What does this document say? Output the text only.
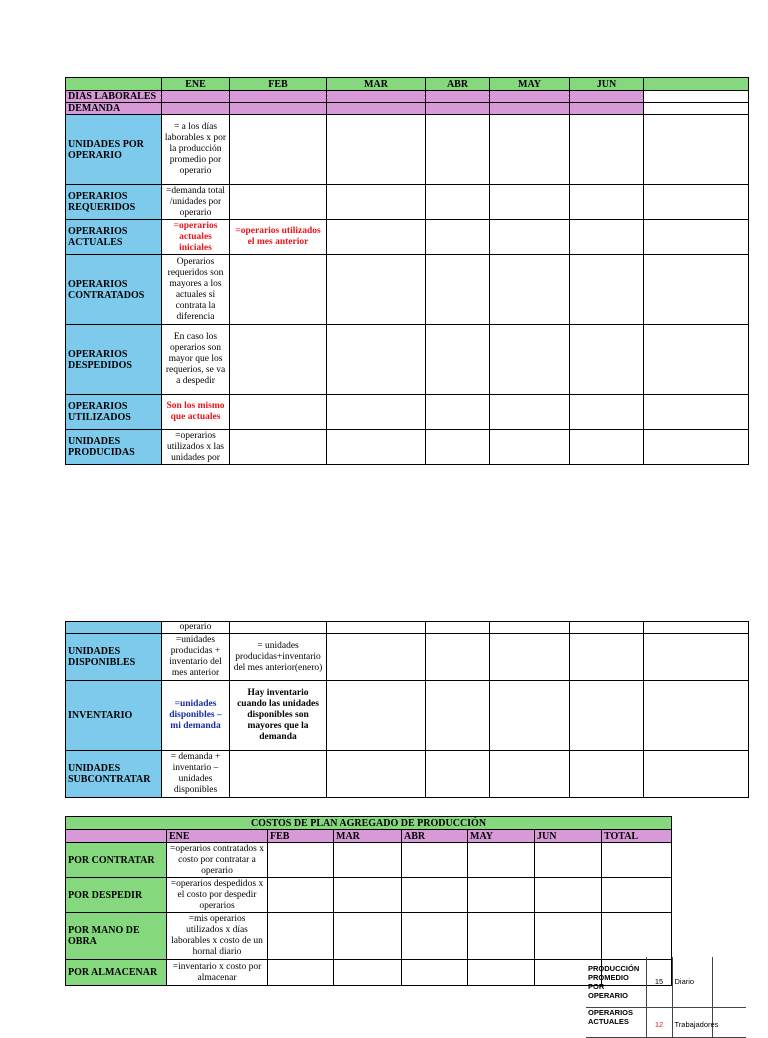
	ENE	FEB	MAR	ABR	MAY	JUN	
DÍAS LABORALES							
DEMANDA							
UNIDADES POR OPERARIO	= a los días laborables x por la producción promedio por operario						
OPERARIOS REQUERIDOS	=demanda total /unidades por operario						
OPERARIOS ACTUALES	=operarios actuales iniciales	=operarios utilizados el mes anterior					
OPERARIOS CONTRATADOS	Operarios requeridos son mayores a los actuales si contrata la diferencia						
OPERARIOS DESPEDIDOS	En caso los operarios son mayor que los requerios, se va a despedir						
OPERARIOS UTILIZADOS	Son los mismo que actuales						
UNIDADES PRODUCIDAS	=operarios utilizados x las unidades por						
	operario						
UNIDADES DISPONIBLES	=unidades producidas + inventario del mes anterior	= unidades producidas+inventario del mes anterior(enero)					
INVENTARIO	=unidades disponibles – mi demanda	Hay inventario cuando las unidades disponibles son mayores que la demanda					
UNIDADES SUBCONTRATAR	= demanda + inventario – unidades disponibles						
COSTOS DE PLAN AGREGADO DE PRODUCCIÓN							
	ENE	FEB	MAR	ABR	MAY	JUN	TOTAL
POR CONTRATAR	=operarios contratados x costo por contratar a operario						
POR DESPEDIR	=operarios despedidos x el costo por despedir operarios						
POR MANO DE OBRA	=mis operarios utilizados x días laborables x costo de un hornal diario						
POR ALMACENAR	=inventario x costo por almacenar						
PRODUCCIÓN PROMEDIO POR OPERARIO	15	Diario	
OPERARIOS ACTUALES	12	Trabajadores	
